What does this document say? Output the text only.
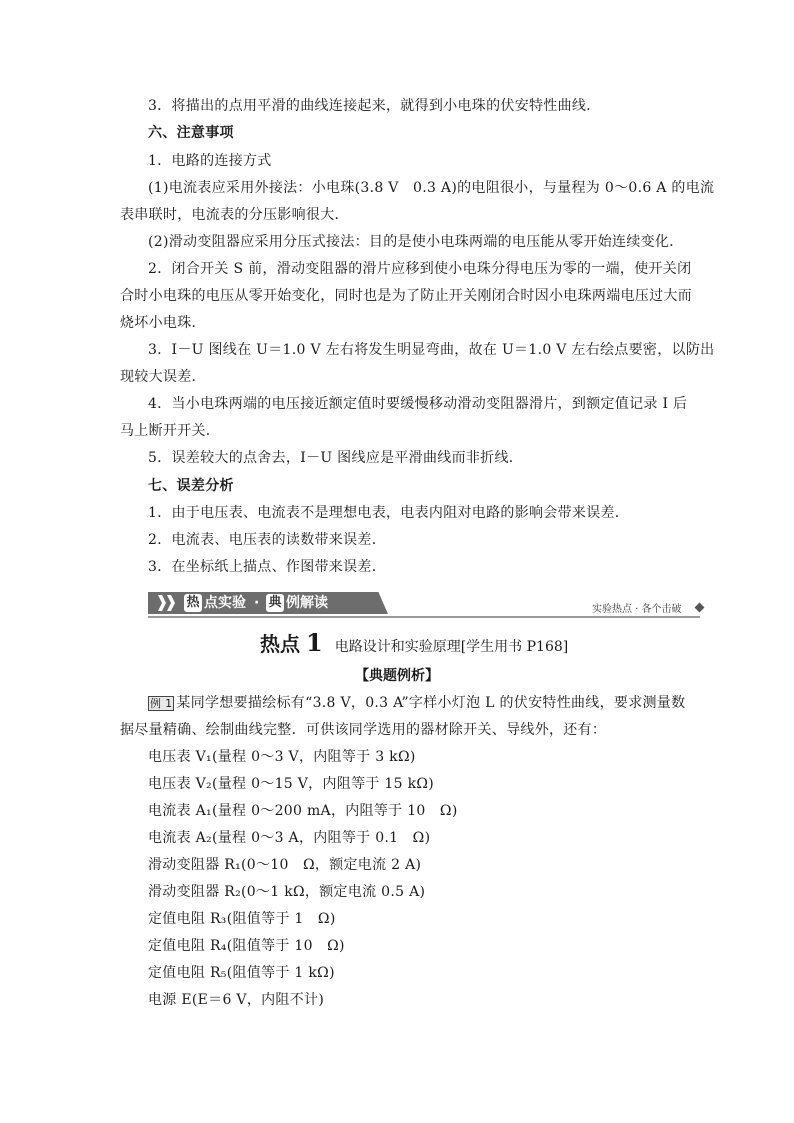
3．将描出的点用平滑的曲线连接起来，就得到小电珠的伏安特性曲线．
六、注意事项
1．电路的连接方式
(1)电流表应采用外接法：小电珠(3.8 V　0.3 A)的电阻很小，与量程为 0～0.6 A 的电流
表串联时，电流表的分压影响很大．
(2)滑动变阻器应采用分压式接法：目的是使小电珠两端的电压能从零开始连续变化．
2．闭合开关 S 前，滑动变阻器的滑片应移到使小电珠分得电压为零的一端，使开关闭
合时小电珠的电压从零开始变化，同时也是为了防止开关刚闭合时因小电珠两端电压过大而
烧坏小电珠．
3．I－U 图线在 U＝1.0 V 左右将发生明显弯曲，故在 U＝1.0 V 左右绘点要密，以防出
现较大误差．
4．当小电珠两端的电压接近额定值时要缓慢移动滑动变阻器滑片，到额定值记录 I 后
马上断开开关．
5．误差较大的点舍去，I－U 图线应是平滑曲线而非折线．
七、误差分析
1．由于电压表、电流表不是理想电表，电表内阻对电路的影响会带来误差．
2．电流表、电压表的读数带来误差．
3．在坐标纸上描点、作图带来误差．
热 点实验 · 典 例解读	实验热点 · 各个击破
热点 1 电路设计和实验原理[学生用书 P168]
【典题例析】
例 1 某同学想要描绘标有“3.8 V，0.3 A”字样小灯泡 L 的伏安特性曲线，要求测量数
据尽量精确、绘制曲线完整．可供该同学选用的器材除开关、导线外，还有：
电压表 V₁(量程 0～3 V，内阻等于 3 kΩ)
电压表 V₂(量程 0～15 V，内阻等于 15 kΩ)
电流表 A₁(量程 0～200 mA，内阻等于 10　Ω)
电流表 A₂(量程 0～3 A，内阻等于 0.1　Ω)
滑动变阻器 R₁(0～10　Ω，额定电流 2 A)
滑动变阻器 R₂(0～1 kΩ，额定电流 0.5 A)
定值电阻 R₃(阻值等于 1　Ω)
定值电阻 R₄(阻值等于 10　Ω)
定值电阻 R₅(阻值等于 1 kΩ)
电源 E(E＝6 V，内阻不计)
